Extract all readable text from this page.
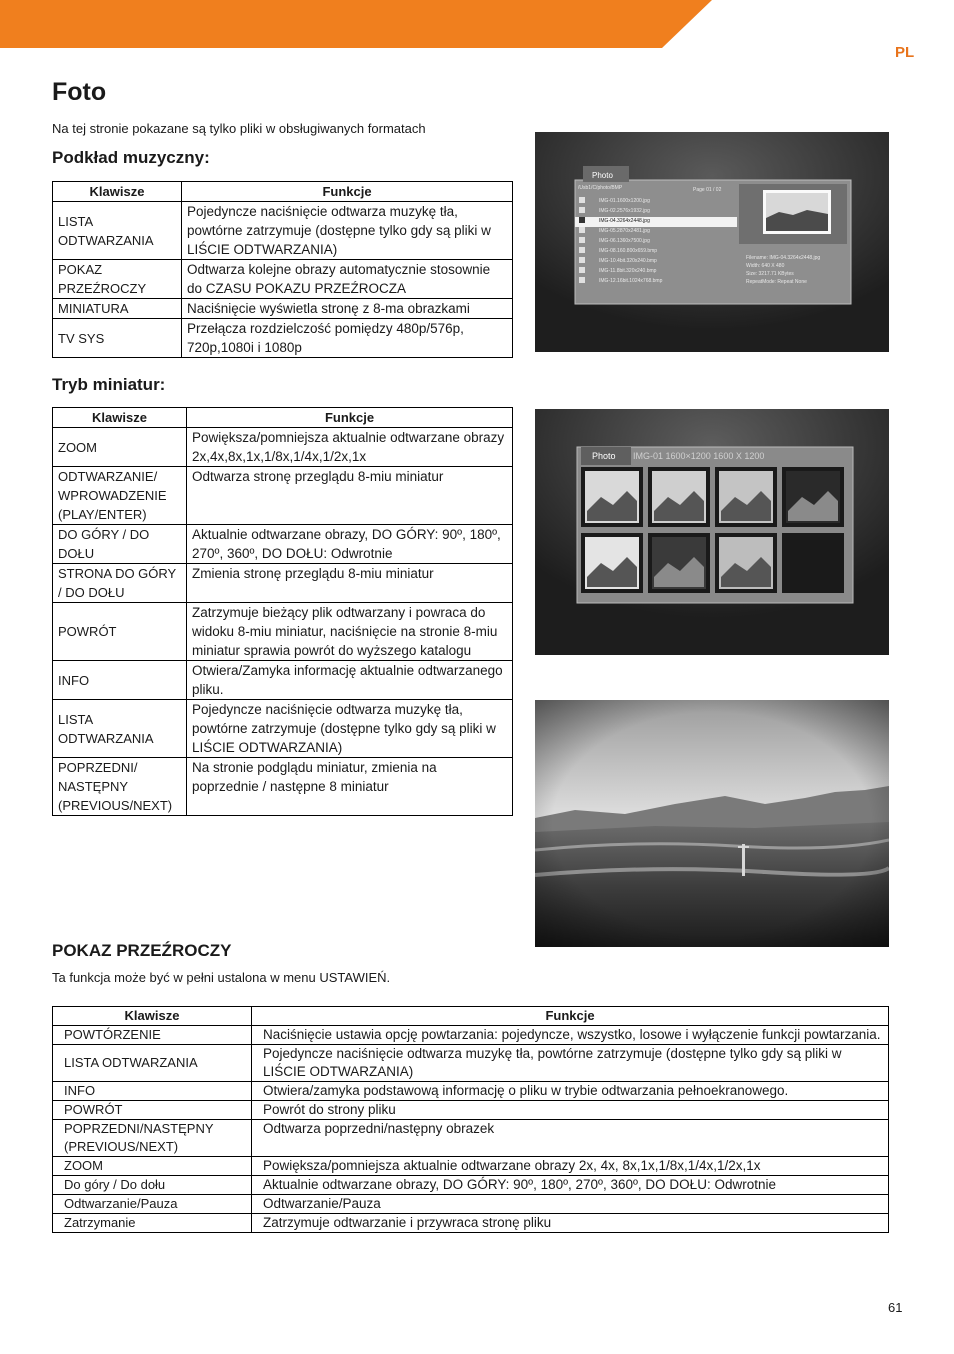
PL
Foto
Na tej stronie pokazane są tylko pliki w obsługiwanych formatach
Podkład muzyczny:
Klawisze	Funkcje
LISTA ODTWARZANIA	Pojedyncze naciśnięcie odtwarza muzykę tła, powtórne zatrzymuje (dostępne tylko gdy są pliki w LIŚCIE ODTWARZANIA)
POKAZ PRZEŹROCZY	Odtwarza kolejne obrazy automatycznie stosownie do CZASU POKAZU PRZEŹROCZA
MINIATURA	Naciśnięcie wyświetla stronę z 8-ma obrazkami
TV SYS	Przełącza rozdzielczość pomiędzy 480p/576p, 720p,1080i i 1080p
Tryb miniatur:
Klawisze	Funkcje
ZOOM	Powiększa/pomniejsza aktualnie odtwarzane obrazy 2x,4x,8x,1x,1/8x,1/4x,1/2x,1x
ODTWARZANIE/ WPROWADZENIE (PLAY/ENTER)	Odtwarza stronę przeglądu 8-miu miniatur
DO GÓRY / DO DOŁU	Aktualnie odtwarzane obrazy, DO GÓRY: 90º, 180º, 270º, 360º, DO DOŁU: Odwrotnie
STRONA DO GÓRY / DO DOŁU	Zmienia stronę przeglądu 8-miu miniatur
POWRÓT	Zatrzymuje bieżący plik odtwarzany i powraca do widoku 8-miu miniatur, naciśnięcie na stronie 8-miu miniatur sprawia powrót do wyższego katalogu
INFO	Otwiera/Zamyka informację aktualnie odtwarzanego pliku.
LISTA ODTWARZANIA	Pojedyncze naciśnięcie odtwarza muzykę tła, powtórne zatrzymuje (dostępne tylko gdy są pliki w LIŚCIE ODTWARZANIA)
POPRZEDNI/ NASTĘPNY (PREVIOUS/NEXT)	Na stronie podglądu miniatur, zmienia na poprzednie / następne 8 miniatur
Photo
/Usb1/C/photo/BMP	Page 01 / 02
IMG-01.1600x1200.jpg
IMG-02.2576x1932.jpg
IMG-04.3264x2448.jpg
IMG-05.2870x2481.jpg
IMG-06.1360x7500.jpg
IMG-08.160.800x659.bmp
IMG-10.4bit.320x240.bmp
IMG-11.8bit.320x240.bmp
IMG-12.16bit.1024x768.bmp
Filename: IMG-04.3264x2448.jpg
Width: 640 X 480
Size: 3217.71 KBytes
RepeatMode: Repeat None
Photo IMG-01 1600×1200 1600 X 1200
POKAZ PRZEŹROCZY
Ta funkcja może być w pełni ustalona w menu USTAWIEŃ.
Klawisze	Funkcje
POWTÓRZENIE	Naciśnięcie ustawia opcję powtarzania: pojedyncze, wszystko, losowe i wyłączenie funkcji powtarzania.
LISTA ODTWARZANIA	Pojedyncze naciśnięcie odtwarza muzykę tła, powtórne zatrzymuje (dostępne tylko gdy są pliki w LIŚCIE ODTWARZANIA)
INFO	Otwiera/zamyka podstawową informację o pliku w trybie odtwarzania pełnoekranowego.
POWRÓT	Powrót do strony pliku
POPRZEDNI/NASTĘPNY (PREVIOUS/NEXT)	Odtwarza poprzedni/następny obrazek
ZOOM	Powiększa/pomniejsza aktualnie odtwarzane obrazy 2x, 4x, 8x,1x,1/8x,1/4x,1/2x,1x
Do góry / Do dołu	Aktualnie odtwarzane obrazy, DO GÓRY: 90º, 180º, 270º, 360º, DO DOŁU: Odwrotnie
Odtwarzanie/Pauza	Odtwarzanie/Pauza
Zatrzymanie	Zatrzymuje odtwarzanie i przywraca stronę pliku
61
